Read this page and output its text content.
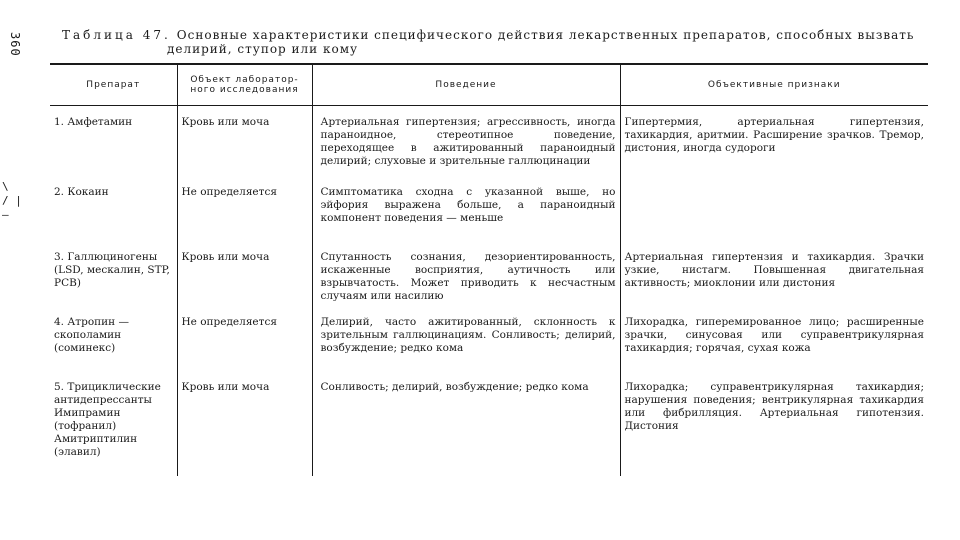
360	Таблица 47. Основные характеристики специфического действия лекарственных препаратов, способных вызвать
делирий, ступор или кому
\
/ |
—
Препарат	Объект лаборатор-ного исследования	Поведение	Объективные признаки
1. Амфетамин	Кровь или моча	Артериальная гипертензия; агрессивность, иногда параноидное, стереотипное поведение, переходящее в ажитированный параноидный делирий; слуховые и зрительные галлюцинации	Гипертермия, артериальная гипертензия, тахикардия, аритмии. Расширение зрачков. Тремор, дистония, иногда судороги
2. Кокаин	Не определяется	Симптоматика сходна с указанной выше, но эйфория выражена больше, а параноидный компонент поведения — меньше	
3. Галлюциногены (LSD, мескалин, STP, PCB)	Кровь или моча	Спутанность сознания, дезориентированность, искаженные восприятия, аутичность или взрывчатость. Может приводить к несчастным случаям или насилию	Артериальная гипертензия и тахикардия. Зрачки узкие, нистагм. Повышенная двигательная активность; миоклонии или дистония
4. Атропин — скополамин (соминекс)	Не определяется	Делирий, часто ажитированный, склонность к зрительным галлюцинациям. Сонливость; делирий, возбуждение; редко кома	Лихорадка, гиперемированное лицо; расширенные зрачки, синусовая или суправентрикулярная тахикардия; горячая, сухая кожа
5. Трициклические антидепрессанты Имипрамин (тофранил) Амитриптилин (элавил)	Кровь или моча	Сонливость; делирий, возбуждение; редко кома	Лихорадка; суправентрикулярная тахикардия; нарушения поведения; вентрикулярная тахикардия или фибрилляция. Артериальная гипотензия. Дистония
